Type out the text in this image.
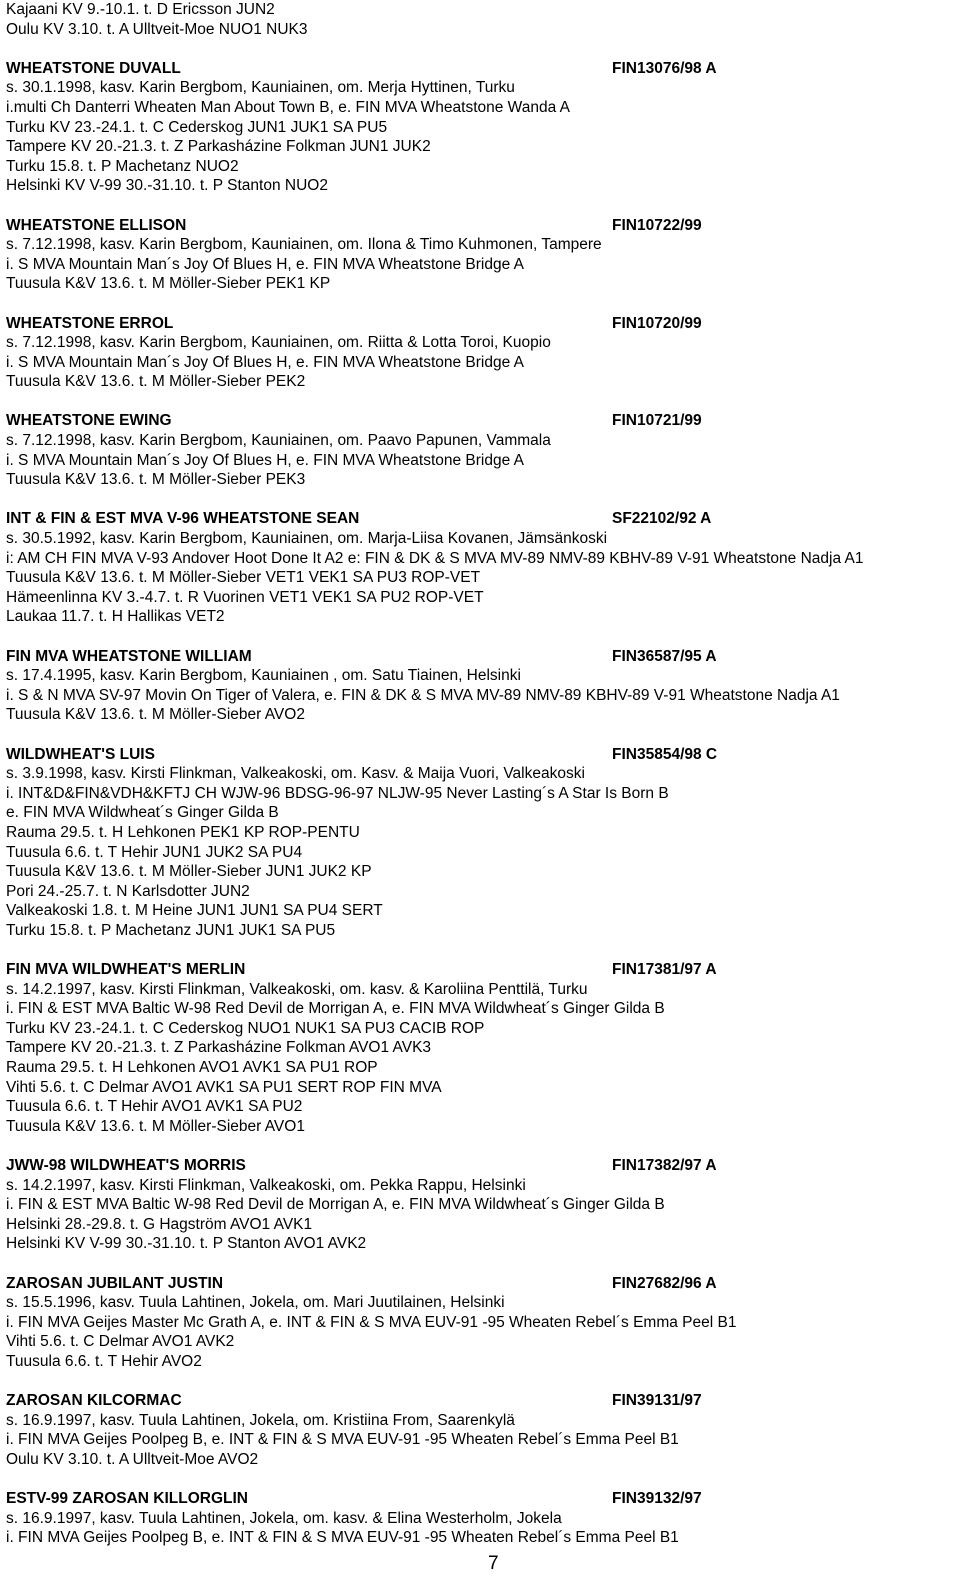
Kajaani KV 9.-10.1. t. D Ericsson JUN2
Oulu KV 3.10. t. A Ulltveit-Moe NUO1 NUK3
WHEATSTONE DUVALL	FIN13076/98 A
s. 30.1.1998, kasv. Karin Bergbom, Kauniainen, om. Merja Hyttinen, Turku
i.multi Ch Danterri Wheaten Man About Town B, e. FIN MVA Wheatstone Wanda A
Turku KV 23.-24.1. t. C Cederskog JUN1 JUK1 SA PU5
Tampere KV 20.-21.3. t. Z Parkasházine Folkman JUN1 JUK2
Turku 15.8. t. P Machetanz NUO2
Helsinki KV V-99 30.-31.10. t. P Stanton NUO2
WHEATSTONE ELLISON	FIN10722/99
s. 7.12.1998, kasv. Karin Bergbom, Kauniainen, om. Ilona & Timo Kuhmonen, Tampere
i. S MVA Mountain Man´s Joy Of Blues H, e. FIN MVA Wheatstone Bridge A
Tuusula K&V 13.6. t. M Möller-Sieber PEK1 KP
WHEATSTONE ERROL	FIN10720/99
s. 7.12.1998, kasv. Karin Bergbom, Kauniainen, om. Riitta & Lotta Toroi, Kuopio
i. S MVA Mountain Man´s Joy Of Blues H, e. FIN MVA Wheatstone Bridge A
Tuusula K&V 13.6. t. M Möller-Sieber PEK2
WHEATSTONE EWING	FIN10721/99
s. 7.12.1998, kasv. Karin Bergbom, Kauniainen, om. Paavo Papunen, Vammala
i. S MVA Mountain Man´s Joy Of Blues H, e. FIN MVA Wheatstone Bridge A
Tuusula K&V 13.6. t. M Möller-Sieber PEK3
INT & FIN & EST MVA V-96 WHEATSTONE SEAN	SF22102/92 A
s. 30.5.1992, kasv. Karin Bergbom, Kauniainen, om. Marja-Liisa Kovanen, Jämsänkoski
i: AM CH FIN MVA V-93 Andover Hoot Done It A2 e: FIN & DK & S MVA MV-89 NMV-89 KBHV-89 V-91 Wheatstone Nadja A1
Tuusula K&V 13.6. t. M Möller-Sieber VET1 VEK1 SA PU3 ROP-VET
Hämeenlinna KV 3.-4.7. t. R Vuorinen VET1 VEK1 SA PU2 ROP-VET
Laukaa 11.7. t. H Hallikas VET2
FIN MVA WHEATSTONE WILLIAM	FIN36587/95 A
s. 17.4.1995, kasv. Karin Bergbom, Kauniainen , om. Satu Tiainen, Helsinki
i. S & N MVA SV-97 Movin On Tiger of Valera, e. FIN & DK & S MVA MV-89 NMV-89 KBHV-89 V-91 Wheatstone Nadja A1
Tuusula K&V 13.6. t. M Möller-Sieber AVO2
WILDWHEAT'S LUIS	FIN35854/98 C
s. 3.9.1998, kasv. Kirsti Flinkman, Valkeakoski, om. Kasv. & Maija Vuori, Valkeakoski
i. INT&D&FIN&VDH&KFTJ CH WJW-96 BDSG-96-97 NLJW-95 Never Lasting´s A Star Is Born B
e. FIN MVA Wildwheat´s Ginger Gilda B
Rauma 29.5. t. H Lehkonen PEK1 KP ROP-PENTU
Tuusula 6.6. t. T Hehir JUN1 JUK2 SA PU4
Tuusula K&V 13.6. t. M Möller-Sieber JUN1 JUK2 KP
Pori 24.-25.7. t. N Karlsdotter JUN2
Valkeakoski 1.8. t. M Heine JUN1 JUN1 SA PU4 SERT
Turku 15.8. t. P Machetanz JUN1 JUK1 SA PU5
FIN MVA WILDWHEAT'S MERLIN	FIN17381/97 A
s. 14.2.1997, kasv. Kirsti Flinkman, Valkeakoski, om. kasv. & Karoliina Penttilä, Turku
i. FIN & EST MVA Baltic W-98 Red Devil de Morrigan A, e. FIN MVA Wildwheat´s Ginger Gilda B
Turku KV 23.-24.1. t. C Cederskog NUO1 NUK1 SA PU3 CACIB ROP
Tampere KV 20.-21.3. t. Z Parkasházine Folkman AVO1 AVK3
Rauma 29.5. t. H Lehkonen AVO1 AVK1 SA PU1 ROP
Vihti 5.6. t. C Delmar AVO1 AVK1 SA PU1 SERT ROP FIN MVA
Tuusula 6.6. t. T Hehir AVO1 AVK1 SA PU2
Tuusula K&V 13.6. t. M Möller-Sieber AVO1
JWW-98 WILDWHEAT'S MORRIS	FIN17382/97 A
s. 14.2.1997, kasv. Kirsti Flinkman, Valkeakoski, om. Pekka Rappu, Helsinki
i. FIN & EST MVA Baltic W-98 Red Devil de Morrigan A, e. FIN MVA Wildwheat´s Ginger Gilda B
Helsinki 28.-29.8. t. G Hagström AVO1 AVK1
Helsinki KV V-99 30.-31.10. t. P Stanton AVO1 AVK2
ZAROSAN JUBILANT JUSTIN	FIN27682/96 A
s. 15.5.1996, kasv. Tuula Lahtinen, Jokela, om. Mari Juutilainen, Helsinki
i. FIN MVA Geijes Master Mc Grath A, e. INT & FIN & S MVA EUV-91 -95 Wheaten Rebel´s Emma Peel B1
Vihti 5.6. t. C Delmar AVO1 AVK2
Tuusula 6.6. t. T Hehir AVO2
ZAROSAN KILCORMAC	FIN39131/97
s. 16.9.1997, kasv. Tuula Lahtinen, Jokela, om. Kristiina From, Saarenkylä
i. FIN MVA Geijes Poolpeg B, e. INT & FIN & S MVA EUV-91 -95 Wheaten Rebel´s Emma Peel B1
Oulu KV 3.10. t. A Ulltveit-Moe AVO2
ESTV-99 ZAROSAN KILLORGLIN	FIN39132/97
s. 16.9.1997, kasv. Tuula Lahtinen, Jokela, om. kasv. & Elina Westerholm, Jokela
i. FIN MVA Geijes Poolpeg B, e. INT & FIN & S MVA EUV-91 -95 Wheaten Rebel´s Emma Peel B1
7
